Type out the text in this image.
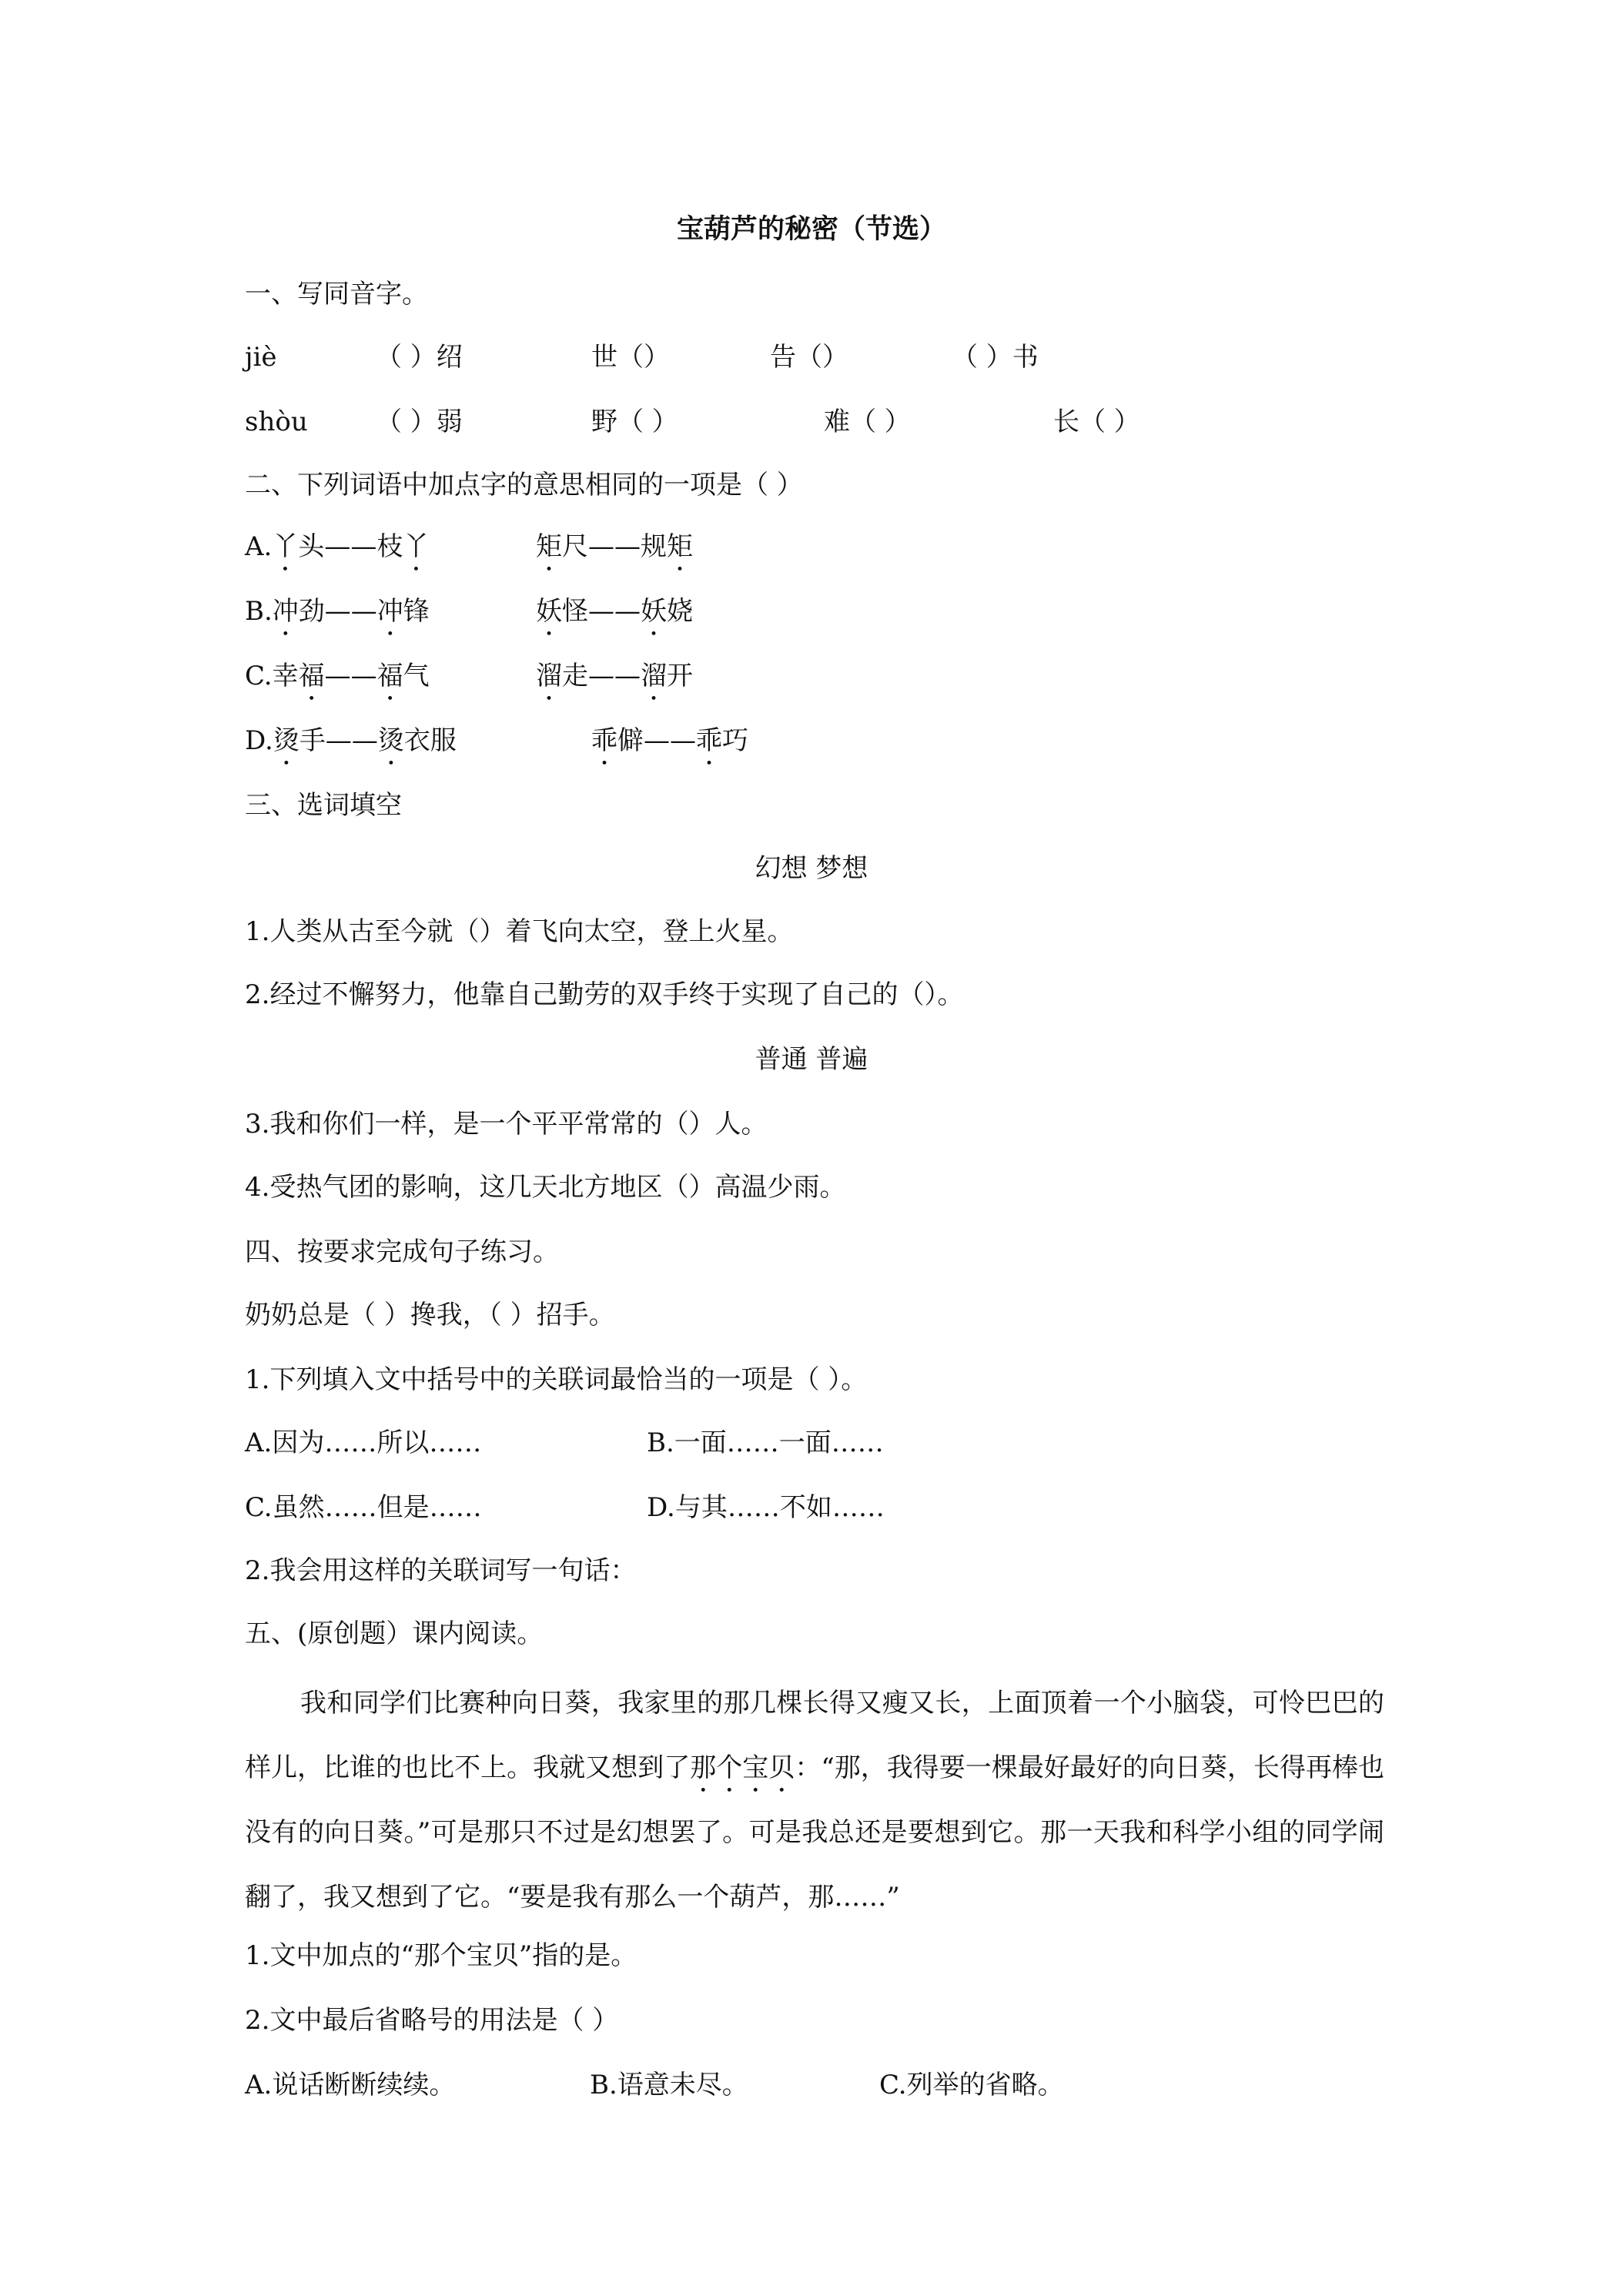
宝葫芦的秘密（节选）
一、写同音字。
jiè	（ ）绍	世（）	告（）	（ ）书
shòu	（ ）弱	野（ ）	难（ ）	长（ ）
二、下列词语中加点字的意思相同的一项是（ ）
A.丫头——枝丫	矩尺——规矩
B.冲劲——冲锋	妖怪——妖娆
C.幸福——福气	溜走——溜开
D.烫手——烫衣服	乖僻——乖巧
三、选词填空
幻想 梦想
1.人类从古至今就（）着飞向太空，登上火星。
2.经过不懈努力，他靠自己勤劳的双手终于实现了自己的（）。
普通 普遍
3.我和你们一样，是一个平平常常的（）人。
4.受热气团的影响，这几天北方地区（）高温少雨。
四、按要求完成句子练习。
奶奶总是（ ）搀我，（ ）招手。
1.下列填入文中括号中的关联词最恰当的一项是（ ）。
A.因为……所以……	B.一面……一面……
C.虽然……但是……	D.与其……不如……
2.我会用这样的关联词写一句话：
五、(原创题）课内阅读。
我和同学们比赛种向日葵，我家里的那几棵长得又瘦又长，上面顶着一个小脑袋，可怜巴巴的样儿，比谁的也比不上。我就又想到了那个宝贝：“那，我得要一棵最好最好的向日葵，长得再棒也没有的向日葵。”可是那只不过是幻想罢了。可是我总还是要想到它。那一天我和科学小组的同学闹翻了，我又想到了它。“要是我有那么一个葫芦，那……”
1.文中加点的“那个宝贝”指的是。
2.文中最后省略号的用法是（ ）
A.说话断断续续。	B.语意未尽。	C.列举的省略。
